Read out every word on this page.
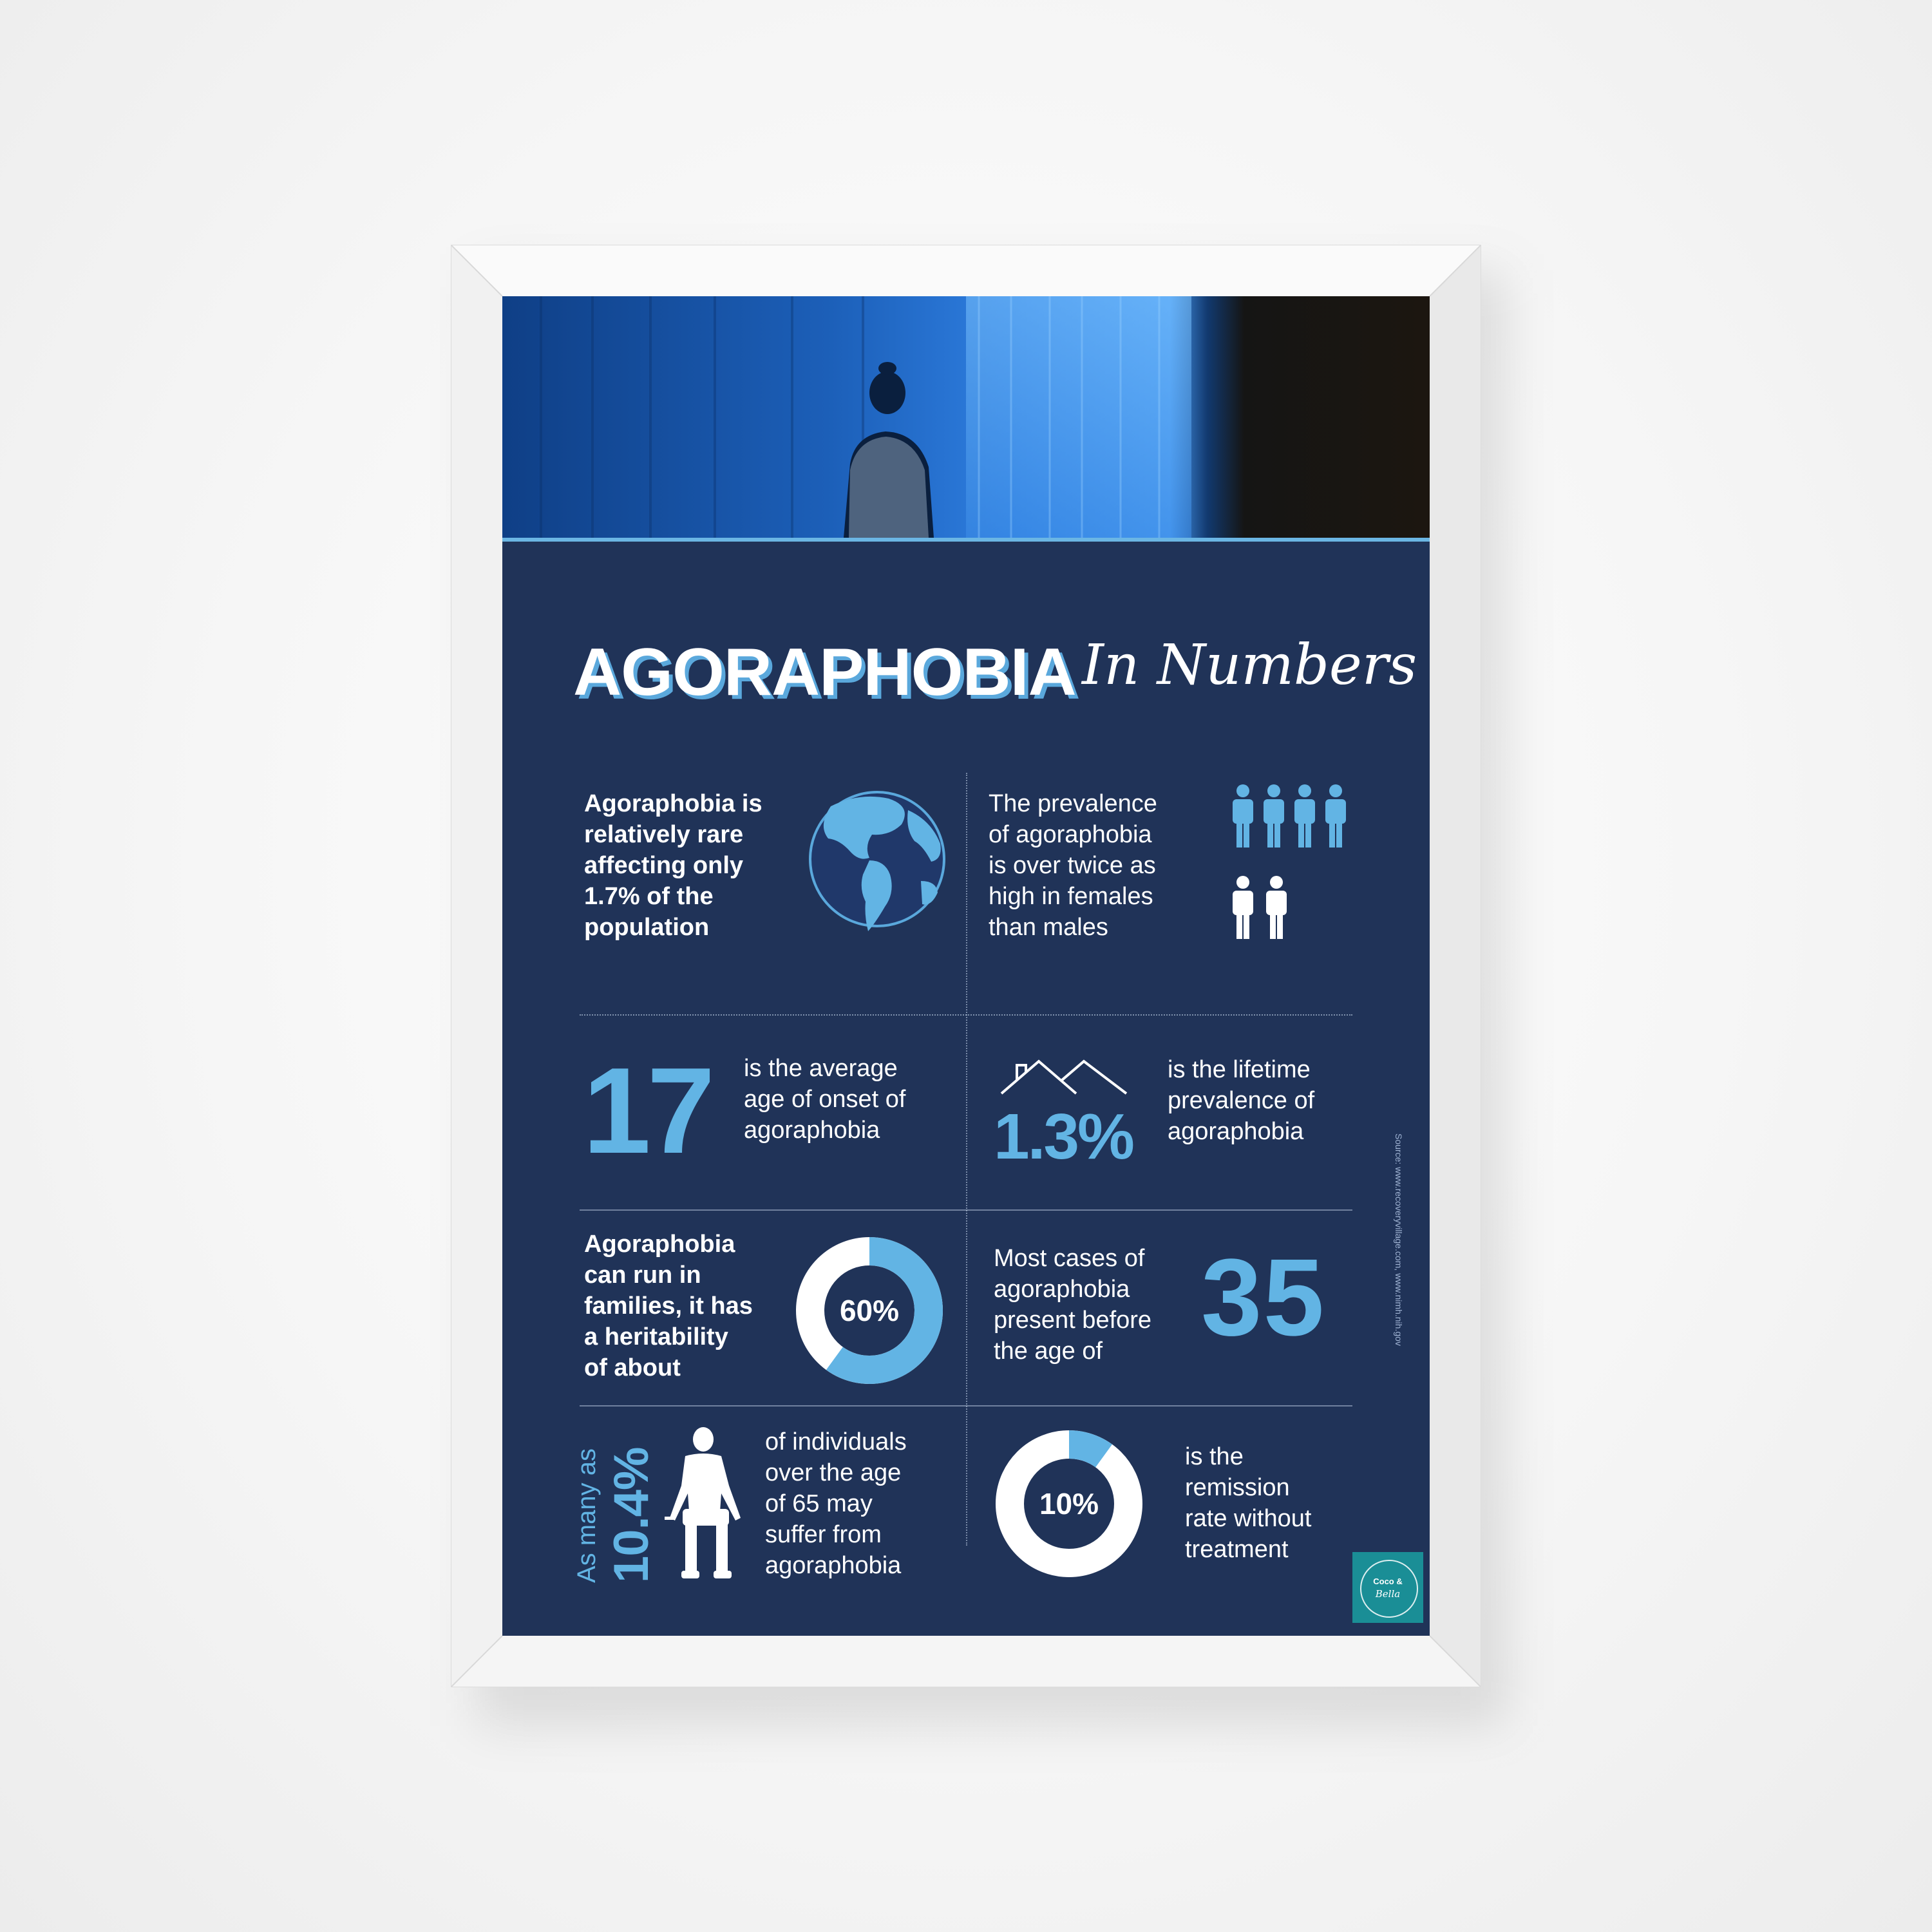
AGORAPHOBIA In Numbers
Agoraphobia is
relatively rare
affecting only
1.7% of the
population
The prevalence
of agoraphobia
is over twice as
high in females
than males
17 is the average
age of onset of
agoraphobia	1.3%
is the lifetime
prevalence of
agoraphobia
Agoraphobia
can run in
families, it has
a heritability
of about
60%
Most cases of
agoraphobia
present before
the age of 35
As many as 10.4%
of individuals
over the age
of 65 may
suffer from
agoraphobia
10%
is the
remission
rate without
treatment
Source: www.recoveryvillage.com, www.nimh.nih.gov
Coco &
Bella
